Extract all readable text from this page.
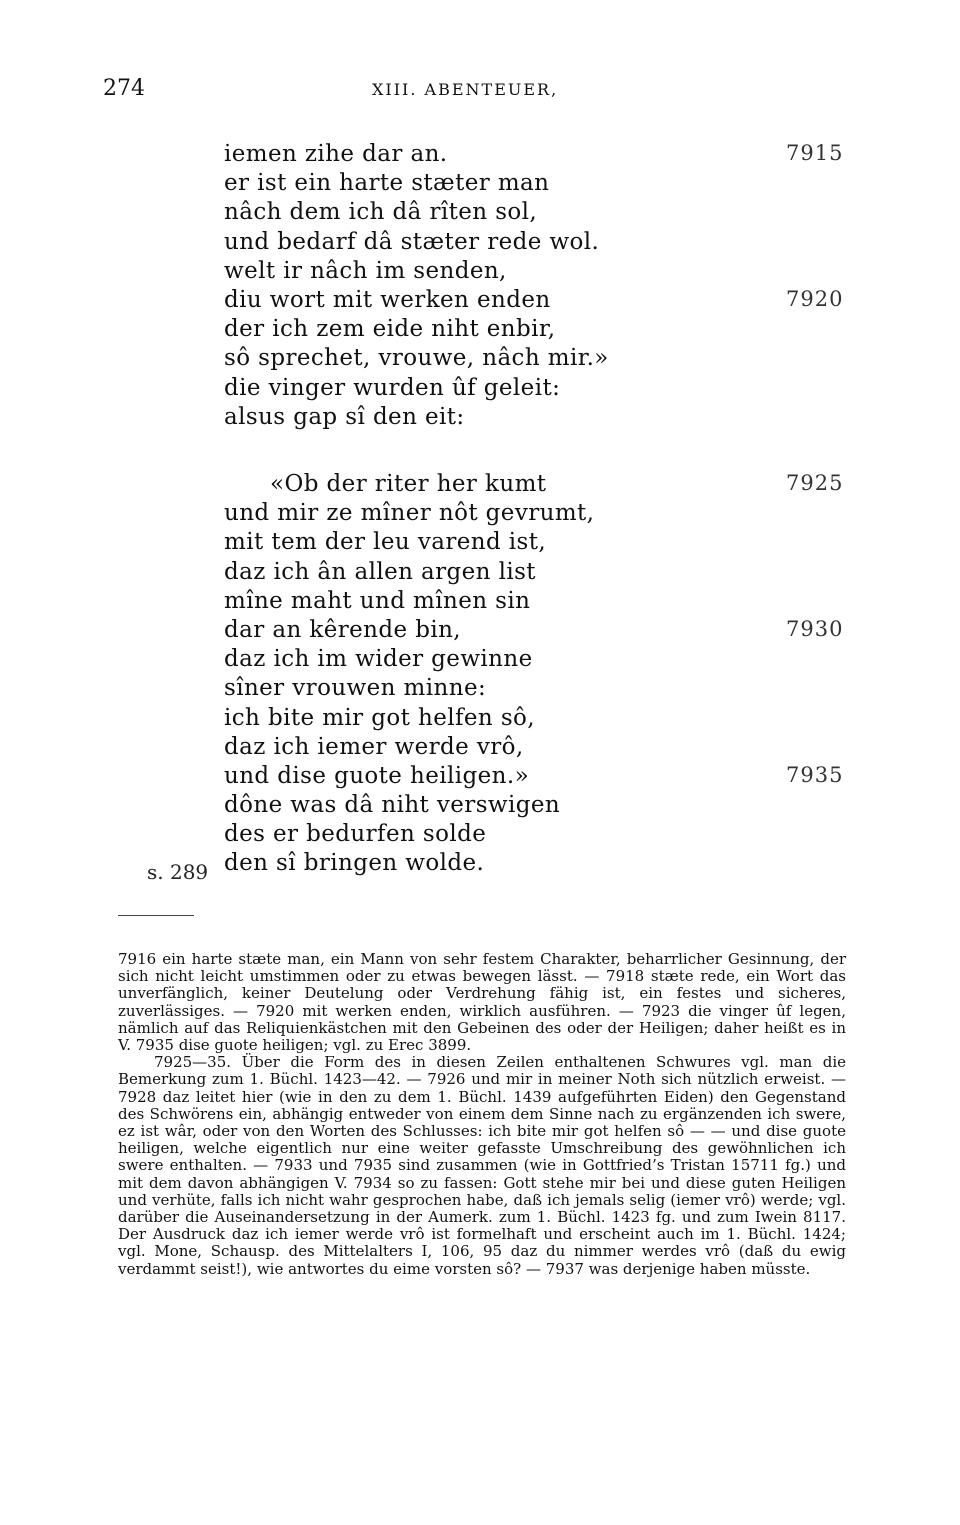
274	XIII. ABENTEUER,
iemen zihe dar an.
er ist ein harte stæter man
nâch dem ich dâ rîten sol,
und bedarf dâ stæter rede wol.
welt ir nâch im senden,
diu wort mit werken enden
der ich zem eide niht enbir,
sô sprechet, vrouwe, nâch mir.»
die vinger wurden ûf geleit:
alsus gap sî den eit:
«Ob der riter her kumt
und mir ze mîner nôt gevrumt,
mit tem der leu varend ist,
daz ich ân allen argen list
mîne maht und mînen sin
dar an kêrende bin,
daz ich im wider gewinne
sîner vrouwen minne:
ich bite mir got helfen sô,
daz ich iemer werde vrô,
und dise guote heiligen.»
dône was dâ niht verswigen
des er bedurfen solde
den sî bringen wolde.
7915
7920
7925
7930
7935
s. 289

7916 ein harte stæte man, ein Mann von sehr festem Charakter, beharrlicher Gesinnung, der sich nicht leicht umstimmen oder zu etwas bewegen lässt. — 7918 stæte rede, ein Wort das unverfänglich, keiner Deutelung oder Verdrehung fähig ist, ein festes und sicheres, zuverlässiges. — 7920 mit werken enden, wirklich ausführen. — 7923 die vinger ûf legen, nämlich auf das Reliquienkästchen mit den Gebeinen des oder der Heiligen; daher heißt es in V. 7935 dise guote heiligen; vgl. zu Erec 3899.

7925—35. Über die Form des in diesen Zeilen enthaltenen Schwures vgl. man die Bemerkung zum 1. Büchl. 1423—42. — 7926 und mir in meiner Noth sich nützlich erweist. — 7928 daz leitet hier (wie in den zu dem 1. Büchl. 1439 aufgeführten Eiden) den Gegenstand des Schwörens ein, abhängig entweder von einem dem Sinne nach zu ergänzenden ich swere, ez ist wâr, oder von den Worten des Schlusses: ich bite mir got helfen sô — — und dise guote heiligen, welche eigentlich nur eine weiter gefasste Umschreibung des gewöhnlichen ich swere enthalten. — 7933 und 7935 sind zusammen (wie in Gottfried’s Tristan 15711 fg.) und mit dem davon abhängigen V. 7934 so zu fassen: Gott stehe mir bei und diese guten Heiligen und verhüte, falls ich nicht wahr gesprochen habe, daß ich jemals selig (iemer vrô) werde; vgl. darüber die Auseinandersetzung in der Aumerk. zum 1. Büchl. 1423 fg. und zum Iwein 8117. Der Ausdruck daz ich iemer werde vrô ist formelhaft und erscheint auch im 1. Büchl. 1424; vgl. Mone, Schausp. des Mittelalters I, 106, 95 daz du nimmer werdes vrô (daß du ewig verdammt seist!), wie antwortes du eime vorsten sô? — 7937 was derjenige haben müsste.
